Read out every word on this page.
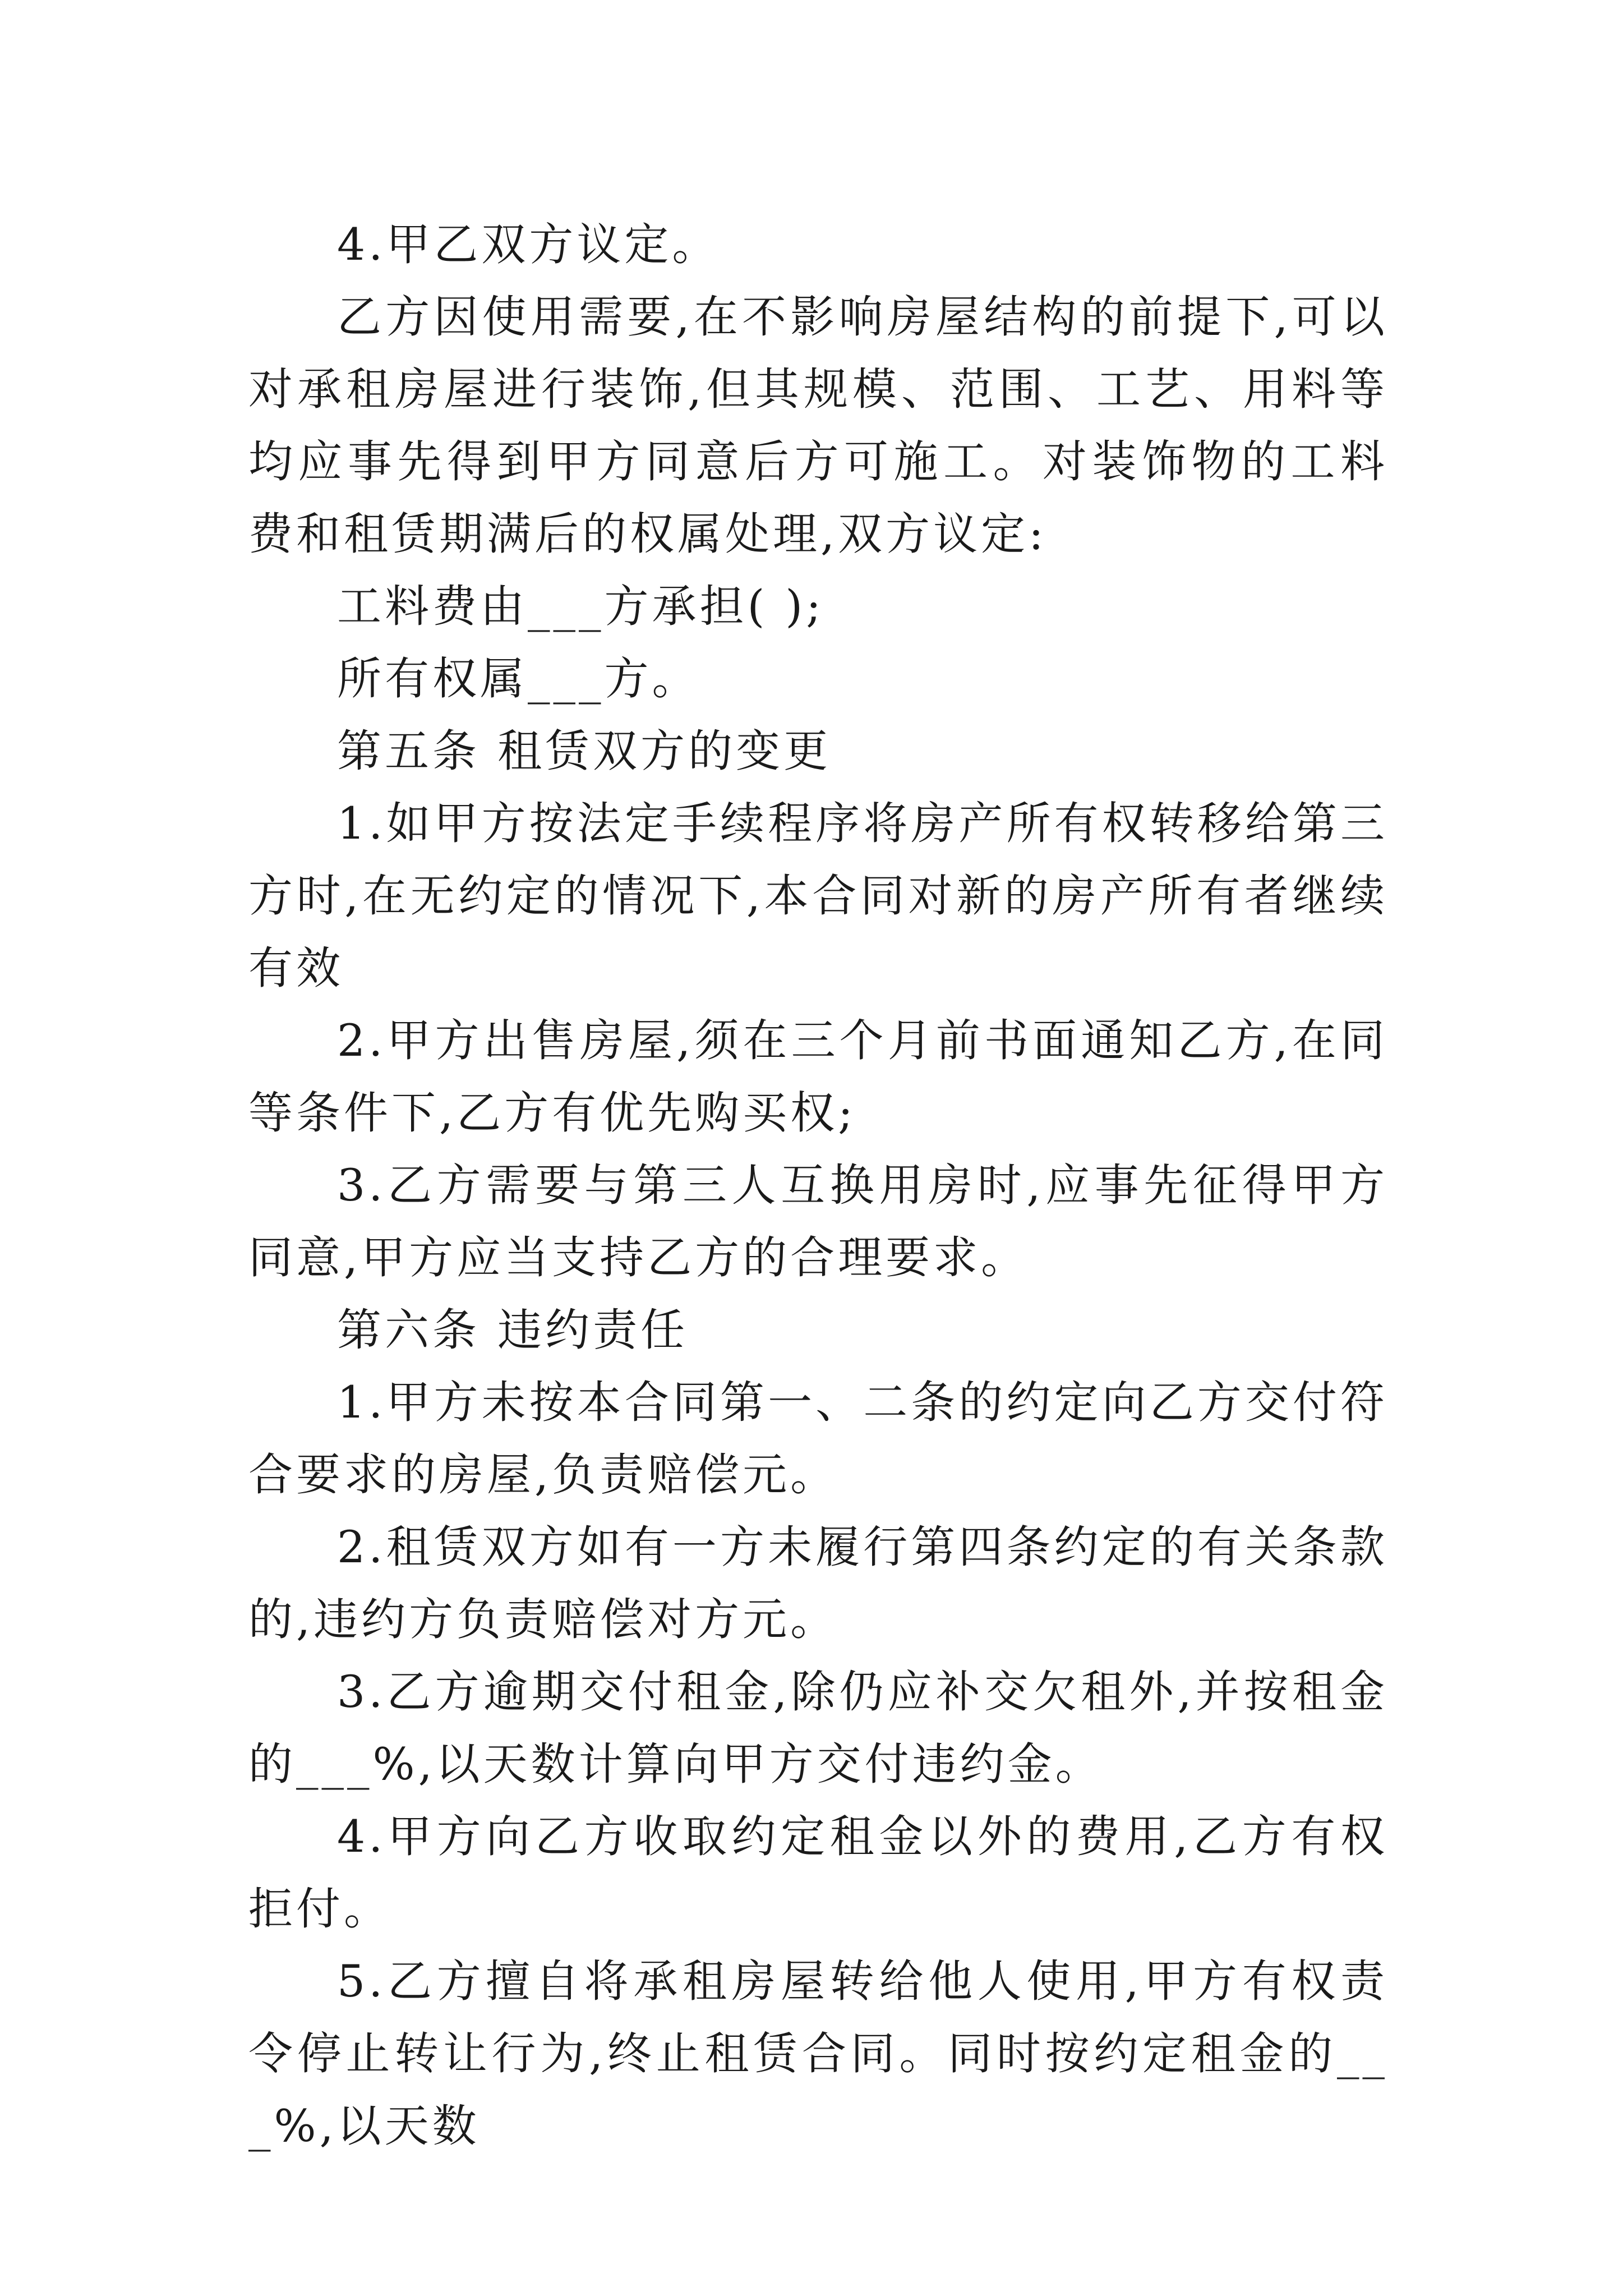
4.甲乙双方议定。

乙方因使用需要,在不影响房屋结构的前提下,可以对承租房屋进行装饰,但其规模、范围、工艺、用料等均应事先得到甲方同意后方可施工。对装饰物的工料费和租赁期满后的权属处理,双方议定:

工料费由___方承担( );

所有权属___方。

第五条 租赁双方的变更

1.如甲方按法定手续程序将房产所有权转移给第三方时,在无约定的情况下,本合同对新的房产所有者继续有效

2.甲方出售房屋,须在三个月前书面通知乙方,在同等条件下,乙方有优先购买权;

3.乙方需要与第三人互换用房时,应事先征得甲方同意,甲方应当支持乙方的合理要求。

第六条 违约责任

1.甲方未按本合同第一、二条的约定向乙方交付符合要求的房屋,负责赔偿元。

2.租赁双方如有一方未履行第四条约定的有关条款的,违约方负责赔偿对方元。

3.乙方逾期交付租金,除仍应补交欠租外,并按租金的___%,以天数计算向甲方交付违约金。

4.甲方向乙方收取约定租金以外的费用,乙方有权拒付。

5.乙方擅自将承租房屋转给他人使用,甲方有权责令停止转让行为,终止租赁合同。同时按约定租金的___%,以天数
